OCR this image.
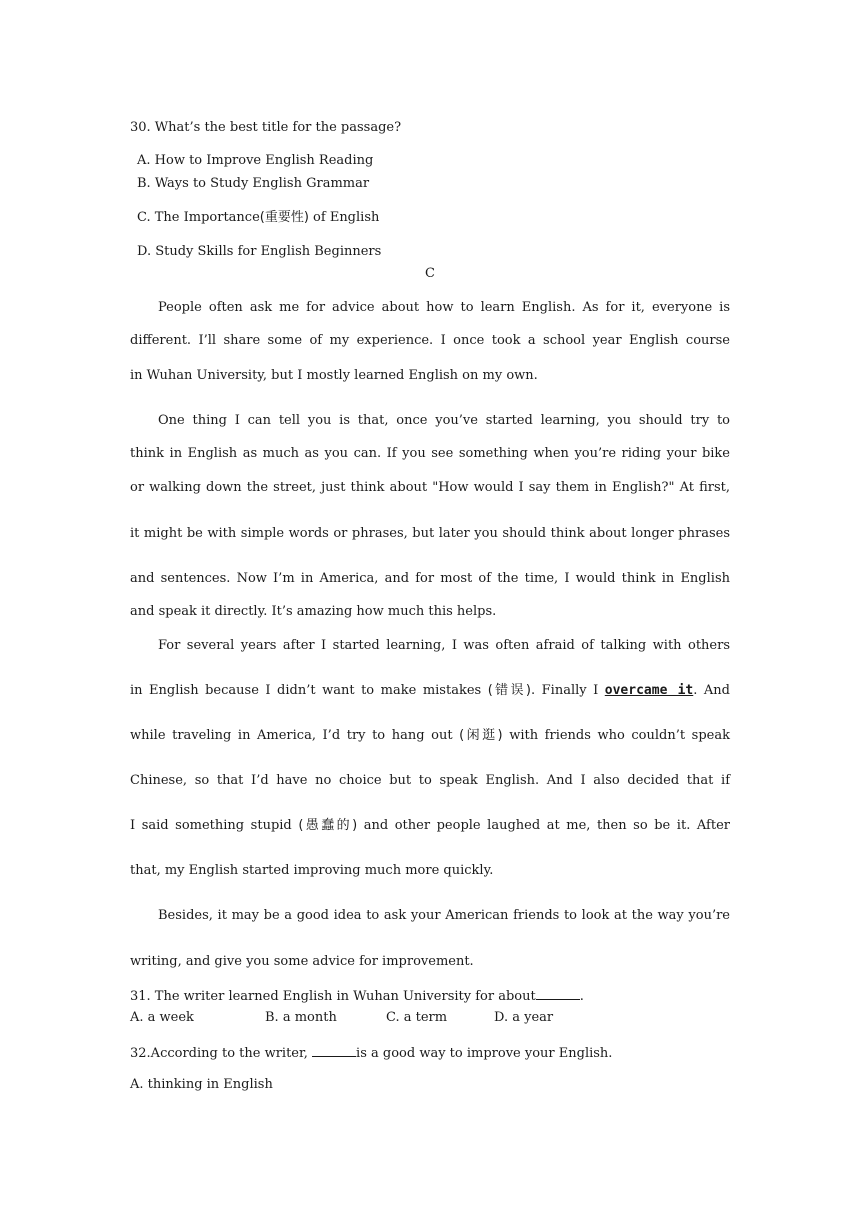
30. What’s the best title for the passage?
A. How to Improve English Reading
B. Ways to Study English Grammar
C. The Importance(重要性) of English
D. Study Skills for English Beginners
C
People often ask me for advice about how to learn English. As for it, everyone is
different. I’ll share some of my experience. I once took a school year English course
in Wuhan University, but I mostly learned English on my own.
One thing I can tell you is that, once you’ve started learning, you should try to
think in English as much as you can. If you see something when you’re riding your bike
or walking down the street, just think about "How would I say them in English?" At first,
it might be with simple words or phrases, but later you should think about longer phrases
and sentences. Now I’m in America, and for most of the time, I would think in English
and speak it directly. It’s amazing how much this helps.
For several years after I started learning, I was often afraid of talking with others
in English because I didn’t want to make mistakes (错误). Finally I overcame it. And
while traveling in America, I’d try to hang out (闲逛) with friends who couldn’t speak
Chinese, so that I’d have no choice but to speak English. And I also decided that if
I said something stupid (愚蠢的) and other people laughed at me, then so be it. After
that, my English started improving much more quickly.
Besides, it may be a good idea to ask your American friends to look at the way you’re
writing, and give you some advice for improvement.
31. The writer learned English in Wuhan University for about	.
A. a week	B. a month	C. a term	D. a year
32.According to the writer,	is a good way to improve your English.
A. thinking in English
